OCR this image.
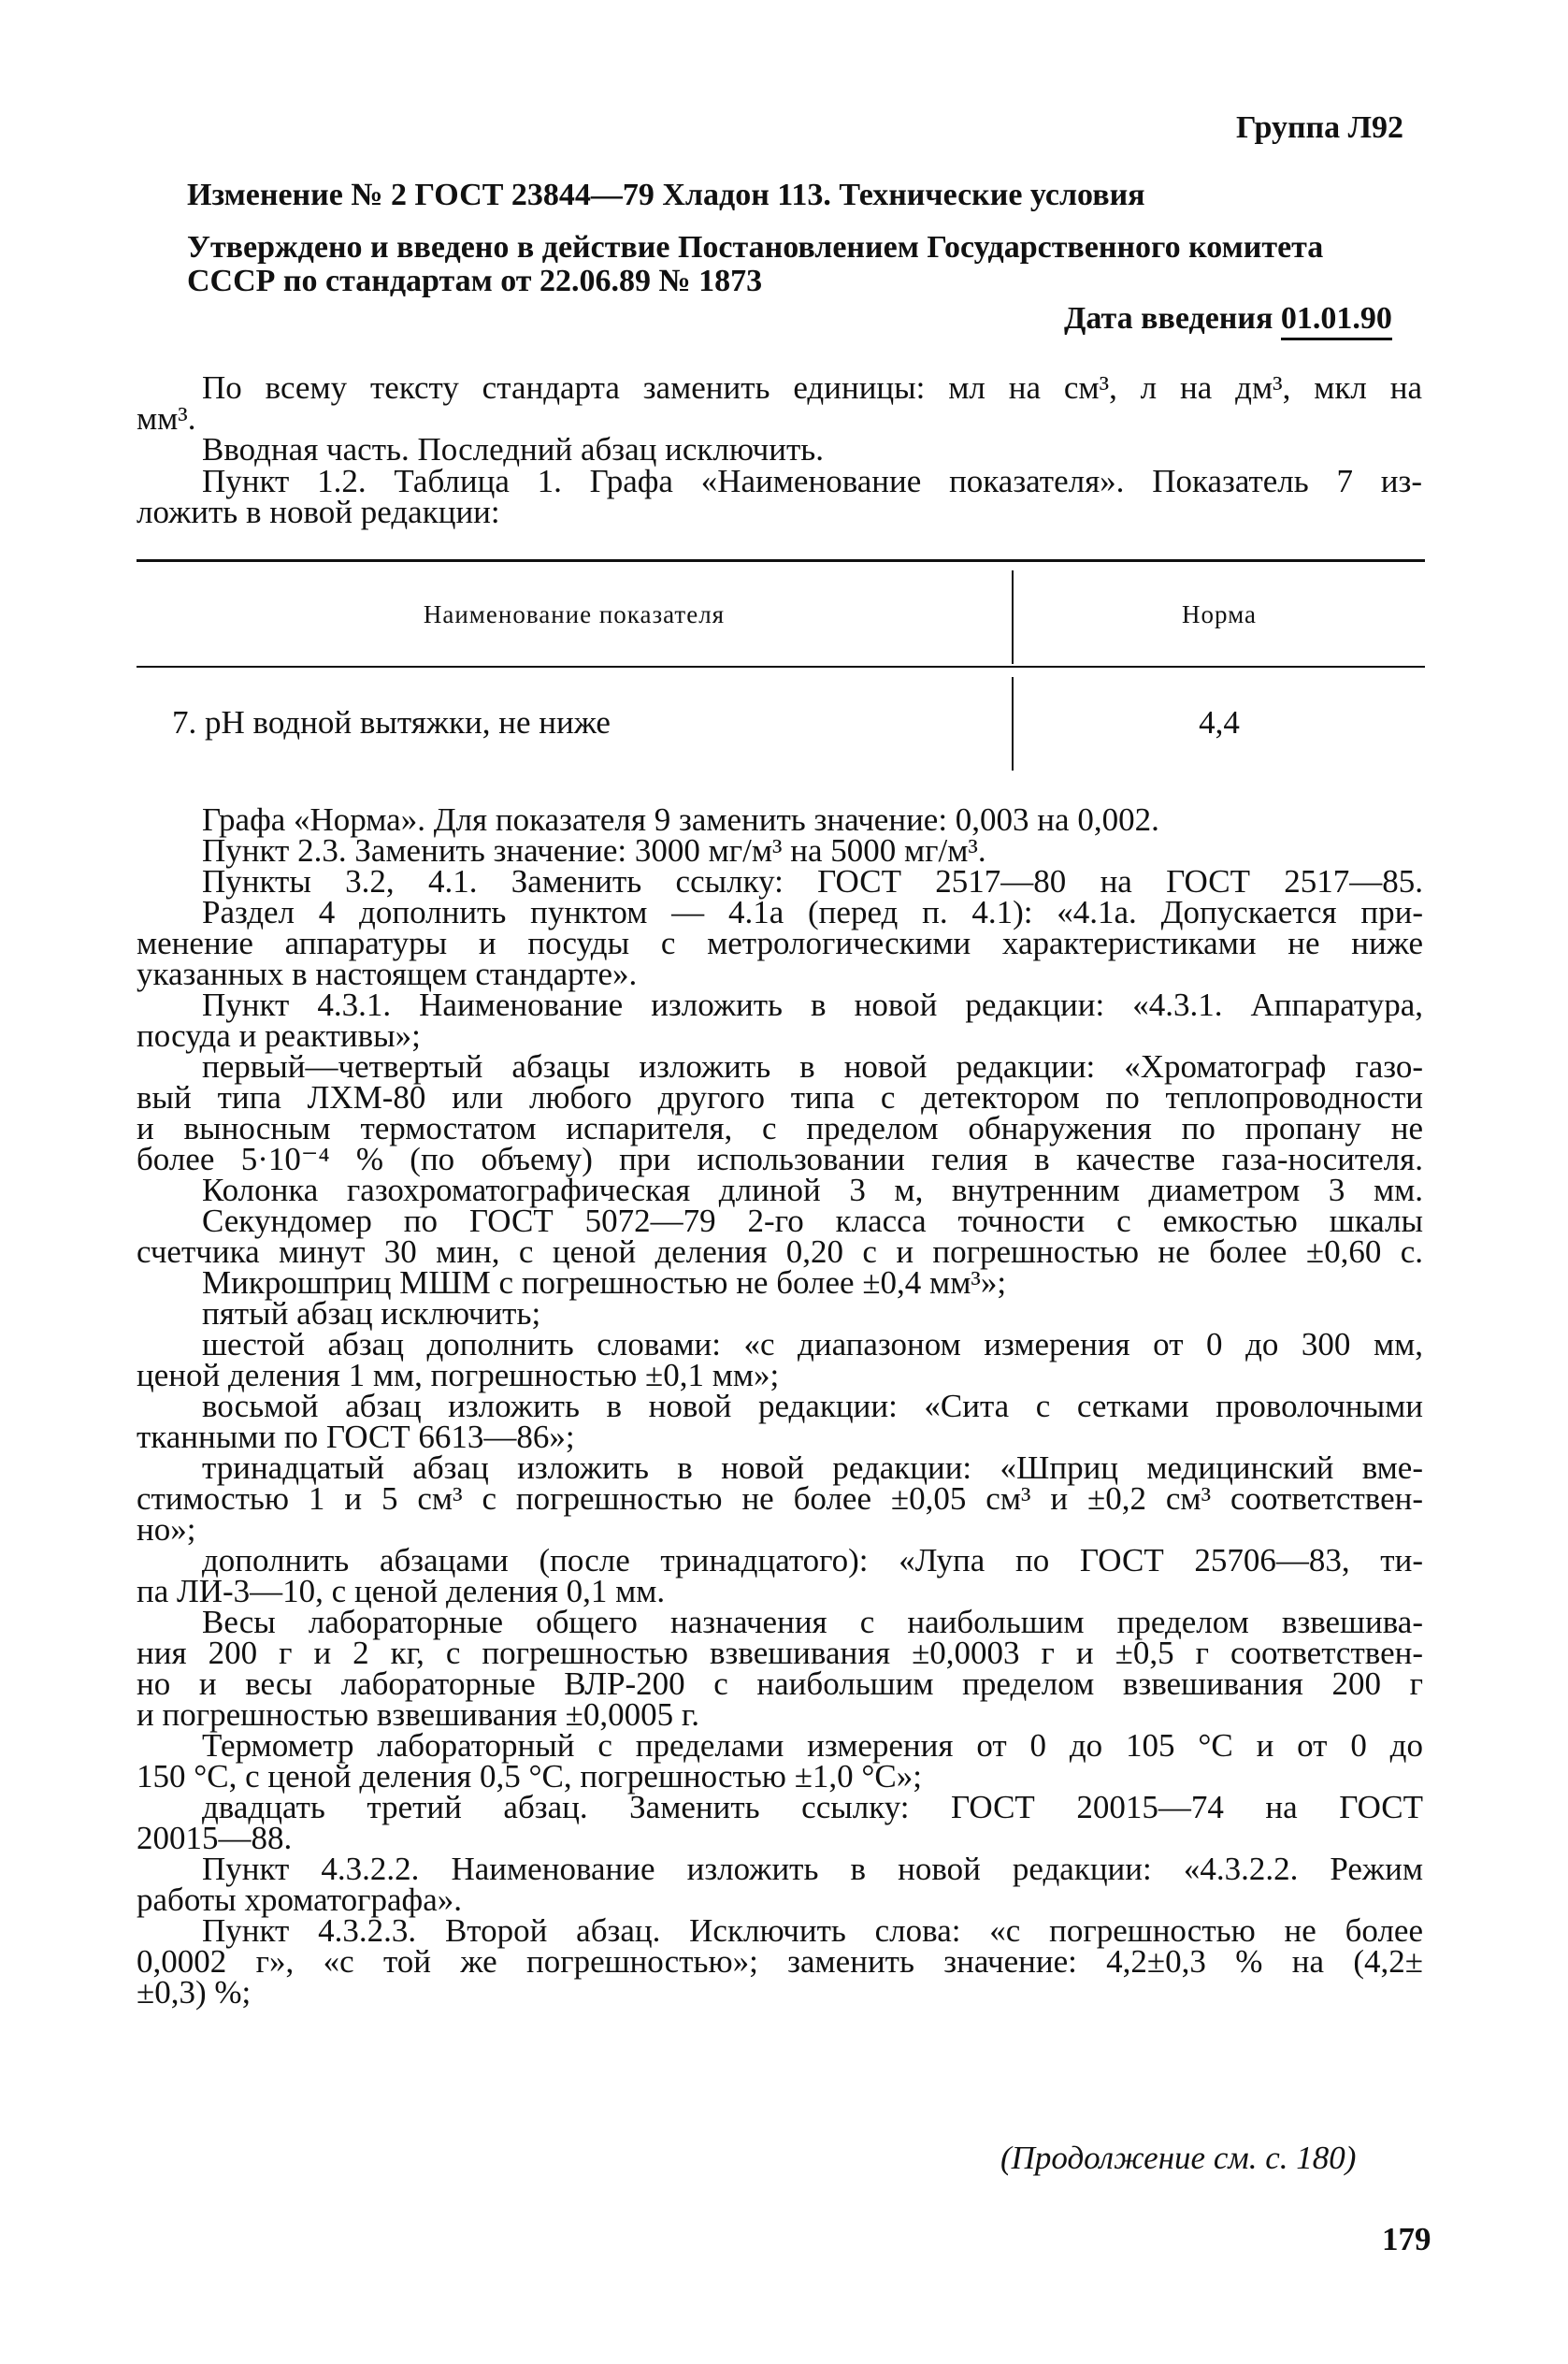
Группа Л92
Изменение № 2 ГОСТ 23844—79 Хладон 113. Технические условия
Утверждено и введено в действие Постановлением Государственного комитета
СССР по стандартам от 22.06.89 № 1873
Дата введения 01.01.90
По всему тексту стандарта заменить единицы: мл на см³, л на дм³, мкл на
мм³.
Вводная часть. Последний абзац исключить.
Пункт 1.2. Таблица 1. Графа «Наименование показателя». Показатель 7 из-
ложить в новой редакции:
Наименование показателя	Норма
7. pH водной вытяжки, не ниже	4,4
Графа «Норма». Для показателя 9 заменить значение: 0,003 на 0,002.
Пункт 2.3. Заменить значение: 3000 мг/м³ на 5000 мг/м³.
Пункты 3.2, 4.1. Заменить ссылку: ГОСТ 2517—80 на ГОСТ 2517—85.
Раздел 4 дополнить пунктом — 4.1а (перед п. 4.1): «4.1а. Допускается при-
менение аппаратуры и посуды с метрологическими характеристиками не ниже
указанных в настоящем стандарте».
Пункт 4.3.1. Наименование изложить в новой редакции: «4.3.1. Аппаратура,
посуда и реактивы»;
первый—четвертый абзацы изложить в новой редакции: «Хроматограф газо-
вый типа ЛХМ-80 или любого другого типа с детектором по теплопроводности
и выносным термостатом испарителя, с пределом обнаружения по пропану не
более 5·10⁻⁴ % (по объему) при использовании гелия в качестве газа-носителя.
Колонка газохроматографическая длиной 3 м, внутренним диаметром 3 мм.
Секундомер по ГОСТ 5072—79 2-го класса точности с емкостью шкалы
счетчика минут 30 мин, с ценой деления 0,20 с и погрешностью не более ±0,60 с.
Микрошприц МШМ с погрешностью не более ±0,4 мм³»;
пятый абзац исключить;
шестой абзац дополнить словами: «с диапазоном измерения от 0 до 300 мм,
ценой деления 1 мм, погрешностью ±0,1 мм»;
восьмой абзац изложить в новой редакции: «Сита с сетками проволочными
тканными по ГОСТ 6613—86»;
тринадцатый абзац изложить в новой редакции: «Шприц медицинский вме-
стимостью 1 и 5 см³ с погрешностью не более ±0,05 см³ и ±0,2 см³ соответствен-
но»;
дополнить абзацами (после тринадцатого): «Лупа по ГОСТ 25706—83, ти-
па ЛИ-3—10, с ценой деления 0,1 мм.
Весы лабораторные общего назначения с наибольшим пределом взвешива-
ния 200 г и 2 кг, с погрешностью взвешивания ±0,0003 г и ±0,5 г соответствен-
но и весы лабораторные ВЛР-200 с наибольшим пределом взвешивания 200 г
и погрешностью взвешивания ±0,0005 г.
Термометр лабораторный с пределами измерения от 0 до 105 °С и от 0 до
150 °С, с ценой деления 0,5 °С, погрешностью ±1,0 °С»;
двадцать третий абзац. Заменить ссылку: ГОСТ 20015—74 на ГОСТ
20015—88.
Пункт 4.3.2.2. Наименование изложить в новой редакции: «4.3.2.2. Режим
работы хроматографа».
Пункт 4.3.2.3. Второй абзац. Исключить слова: «с погрешностью не более
0,0002 г», «с той же погрешностью»; заменить значение: 4,2±0,3 % на (4,2±
±0,3) %;
(Продолжение см. с. 180)
179
